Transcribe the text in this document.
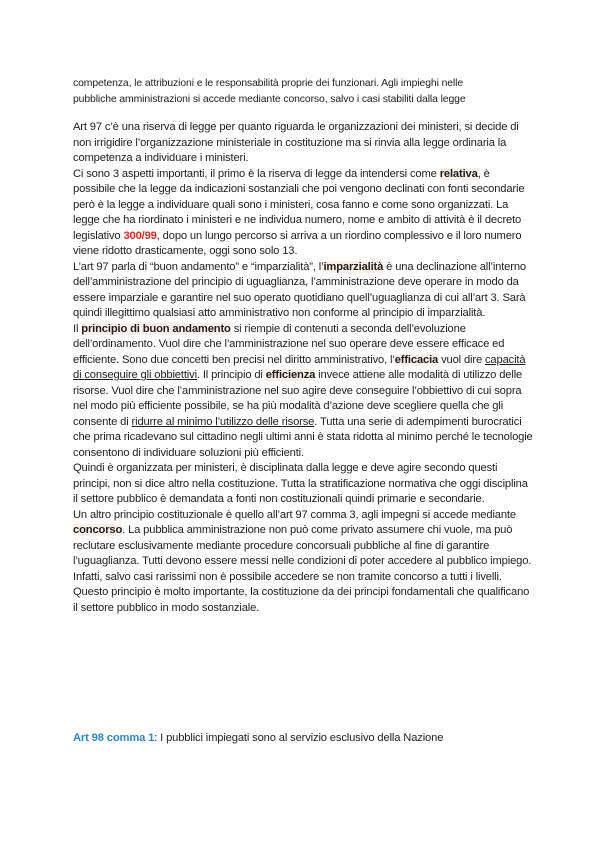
competenza, le attribuzioni e le responsabilità proprie dei funzionari. Agli impieghi nelle
pubbliche amministrazioni si accede mediante concorso, salvo i casi stabiliti dalla legge

Art 97 c’è una riserva di legge per quanto riguarda le organizzazioni dei ministeri, si decide di non irrigidire l’organizzazione ministeriale in costituzione ma si rinvia alla legge ordinaria la competenza a individuare i ministeri.
Ci sono 3 aspetti importanti, il primo è la riserva di legge da intendersi come relativa, è possibile che la legge da indicazioni sostanziali che poi vengono declinati con fonti secondarie però è la legge a individuare quali sono i ministeri, cosa fanno e come sono organizzati. La legge che ha riordinato i ministeri e ne individua numero, nome e ambito di attività è il decreto legislativo 300/99, dopo un lungo percorso si arriva a un riordino complessivo e il loro numero viene ridotto drasticamente, oggi sono solo 13.
L’art 97 parla di “buon andamento” e “imparzialità”, l’imparzialità è una declinazione all’interno dell’amministrazione del principio di uguaglianza, l’amministrazione deve operare in modo da essere imparziale e garantire nel suo operato quotidiano quell’uguaglianza di cui all’art 3. Sarà quindi illegittimo qualsiasi atto amministrativo non conforme al principio di imparzialità.
Il principio di buon andamento si riempie di contenuti a seconda dell’evoluzione dell’ordinamento. Vuol dire che l’amministrazione nel suo operare deve essere efficace ed efficiente. Sono due concetti ben precisi nel diritto amministrativo, l’efficacia vuol dire capacità di conseguire gli obbiettivi. Il principio di efficienza invece attiene alle modalità di utilizzo delle risorse. Vuol dire che l’amministrazione nel suo agire deve conseguire l’obbiettivo di cui sopra nel modo più efficiente possibile, se ha più modalità d’azione deve scegliere quella che gli consente di ridurre al minimo l’utilizzo delle risorse. Tutta una serie di adempimenti burocratici che prima ricadevano sul cittadino negli ultimi anni è stata ridotta al minimo perché le tecnologie consentono di individuare soluzioni più efficienti.
Quindi è organizzata per ministeri, è disciplinata dalla legge e deve agire secondo questi principi, non si dice altro nella costituzione. Tutta la stratificazione normativa che oggi disciplina il settore pubblico è demandata a fonti non costituzionali quindi primarie e secondarie.
Un altro principio costituzionale è quello all’art 97 comma 3, agli impegni si accede mediante concorso. La pubblica amministrazione non può come privato assumere chi vuole, ma può reclutare esclusivamente mediante procedure concorsuali pubbliche al fine di garantire l’uguaglianza. Tutti devono essere messi nelle condizioni di poter accedere al pubblico impiego. Infatti, salvo casi rarissimi non è possibile accedere se non tramite concorso a tutti i livelli. Questo principio è molto importante, la costituzione da dei principi fondamentali che qualificano il settore pubblico in modo sostanziale.

Art 98 comma 1: I pubblici impiegati sono al servizio esclusivo della Nazione
